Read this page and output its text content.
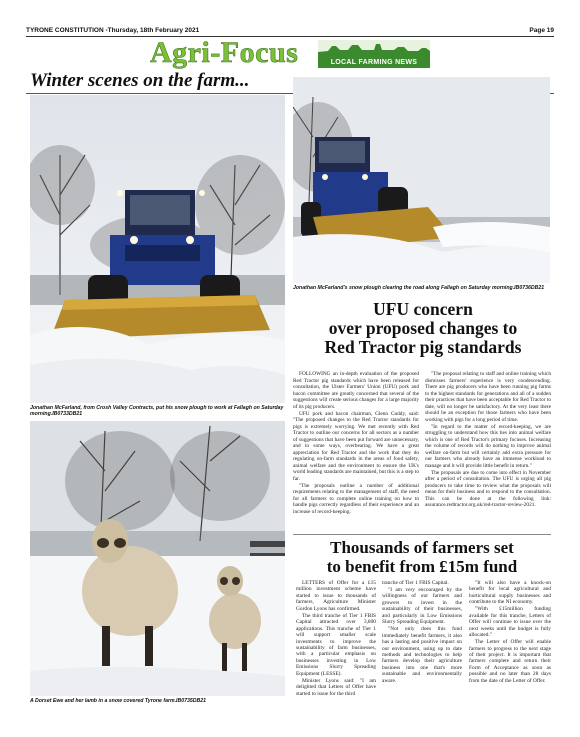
TYRONE CONSTITUTION -Thursday, 18th February 2021	Page 19
Agri-Focus	LOCAL FARMING NEWS
Winter scenes on the farm...
Jonathan McFarland, from Crosh Valley Contracts, put his snow plough to work at Fallagh on Saturday morning.IB0733DB21
Jonathan McFarland's snow plough clearing the road along Fallagh on Saturday morning.IB0736DB21
UFU concern
over proposed changes to
Red Tractor pig standards

FOLLOWING an in-depth evaluation of the proposed Red Tractor pig standards which have been released for consultation, the Ulster Farmers' Union (UFU) pork and bacon committee are greatly concerned that several of the suggestions will create serious changes for a large majority of its pig producers.

UFU pork and bacon chairman, Glenn Cuddy, said: "The proposed changes to the Red Tractor standards for pigs is extremely worrying. We met recently with Red Tractor to outline our concerns for all sectors as a number of suggestions that have been put forward are unnecessary, and in some ways, overbearing. We have a great appreciation for Red Tractor and the work that they do regulating on-farm standards in the areas of food safety, animal welfare and the environment to ensure the UK's world leading standards are maintained, but this is a step to far.

"The proposals outline a number of additional requirements relating to the management of staff, the need for all farmers to complete online training on how to handle pigs correctly regardless of their experience and an increase of record-keeping.

"The proposal relating to staff and online training which dismisses farmers' experience is very condescending. There are pig producers who have been running pig farms to the highest standards for generations and all of a sudden their practices that have been acceptable for Red Tractor to date, will no longer be satisfactory. At the very least there should be an exception for those farmers who have been working with pigs for a long period of time.

"In regard to the matter of record-keeping, we are struggling to understand how this ties into animal welfare which is one of Red Tractor's primary focuses. Increasing the volume of records will do nothing to improve animal welfare on-farm but will certainly add extra pressure for our farmers who already have an immense workload to manage and it will provide little benefit in return."

The proposals are due to come into effect in November after a period of consultation. The UFU is urging all pig producers to take time to review what the proposals will mean for their business and to respond to the consultation. This can be done at the following link: assurance.redtractor.org.uk/red-tractor-review-2021.

A Dorset Ewe and her lamb in a snow covered Tyrone farm.IB0735DB21
Thousands of farmers set
to benefit from £15m fund

LETTERS of Offer for a £15 million investment scheme have started to issue to thousands of farmers, Agriculture Minister Gordon Lyons has confirmed.

The third tranche of Tier 1 FBIS Capital attracted over 3,800 applications. This tranche of Tier 1 will support smaller scale investments to improve the sustainability of farm businesses, with a particular emphasis on businesses investing in Low Emissions Slurry Spreading Equipment (LESSE).

Minister Lyons said: "I am delighted that Letters of Offer have started to issue for the third

tranche of Tier 1 FBIS Capital.

"I am very encouraged by the willingness of our farmers and growers to invest in the sustainability of their businesses, and particularly in Low Emissions Slurry Spreading Equipment.

"Not only does this fund immediately benefit farmers, it also has a lasting and positive impact on our environment, using up to date methods and technologies to help farmers develop their agriculture business into one that's more sustainable and environmentally aware.

"It will also have a knock-on benefit for local agricultural and horticultural supply businesses and contribute to the NI economy.

"With £15million funding available for this tranche, Letters of Offer will continue to issue over the next weeks until the budget is fully allocated."

The Letter of Offer will enable farmers to progress to the next stage of their project. It is important that farmers complete and return their Form of Acceptance as soon as possible and no later than 28 days from the date of the Letter of Offer.
